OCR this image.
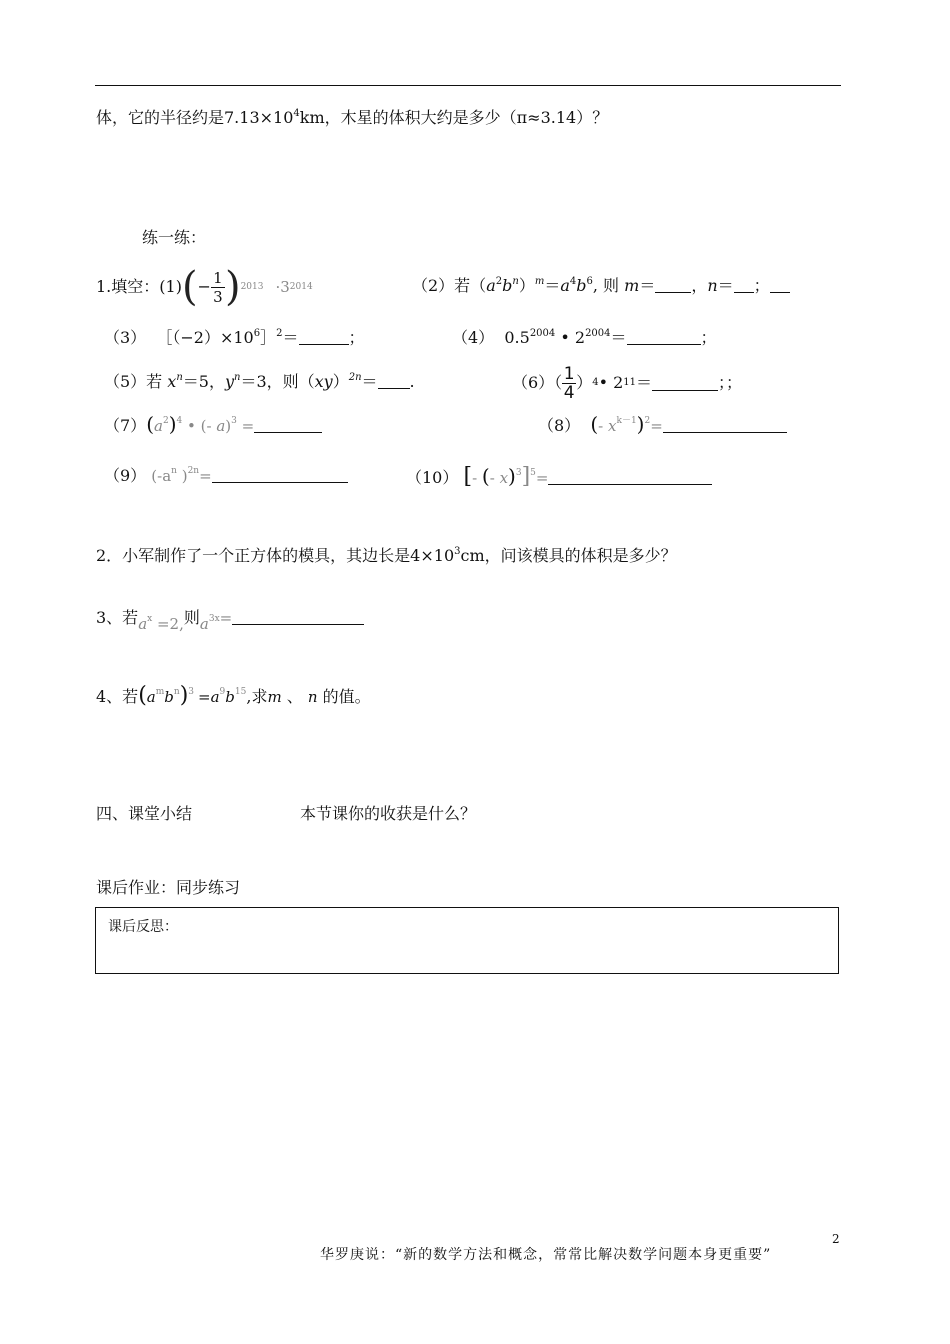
体，它的半径约是$7.13\times 10^4km$，木星的体积大约是多少（π≈3.14）？
练一练：
1.填空：(1) ( − $\frac{1}{3}$ ) 2013 ·3 2014	（2）若$(a^2b^n)^m=a^4b^6$, 则 m＝ ，n＝ ；
（3） $[(-2)\times 10^6]^2=$	；	（4） $0.5^{2004}$ • $2^{2004}=$	；
（5）若 $x^n=5$，$y^n=3$，则（xy）$^{2n}$＝ .	$(6)( \frac{1}{4}$ ） 4 • 2 11 ＝	；；
$(7)(a^2)^4$ • (- a)$^3$ =	（8） (- $x^{k-1})^2=$
（9） ($-a^n$ )$^{2n}$=	（10） [- (- x)$^3$]$^5$=
2．小军制作了一个正方体的模具，其边长是$4\times 10^3cm$，问该模具的体积是多少？
3、若ax =2,则a3x=
4、若$(a^mb^n)^3 =a^9b^{15}$,求m 、 n 的值。
四、课堂小结	本节课你的收获是什么？
课后作业：同步练习
课后反思：
2
华罗庚说：“新的数学方法和概念，常常比解决数学问题本身更重要”
